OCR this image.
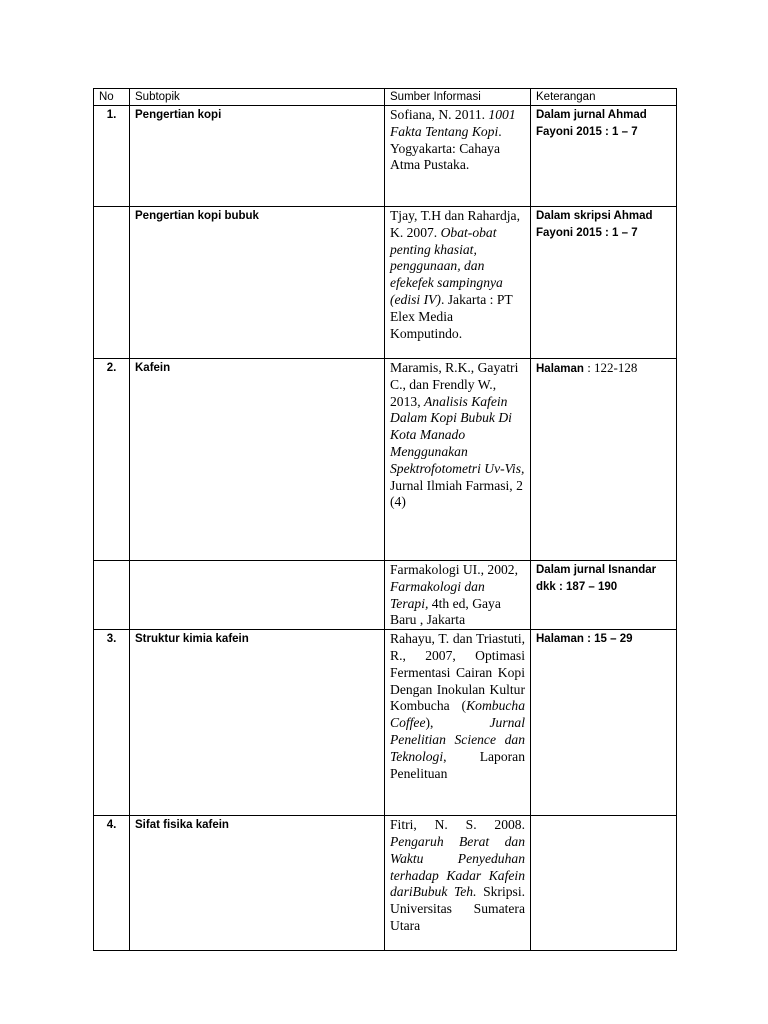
No	Subtopik	Sumber Informasi	Keterangan
1.	Pengertian kopi	Sofiana, N. 2011. 1001 Fakta Tentang Kopi. Yogyakarta: Cahaya Atma Pustaka.	Dalam jurnal Ahmad Fayoni 2015 : 1 – 7
	Pengertian kopi bubuk	Tjay, T.H dan Rahardja, K. 2007. Obat-obat penting khasiat, penggunaan, dan efekefek sampingnya (edisi IV). Jakarta : PT Elex Media Komputindo.	Dalam skripsi Ahmad Fayoni 2015 : 1 – 7
2.	Kafein	Maramis, R.K., Gayatri C., dan Frendly W., 2013, Analisis Kafein Dalam Kopi Bubuk Di Kota Manado Menggunakan Spektrofotometri Uv-Vis, Jurnal Ilmiah Farmasi, 2 (4)	Halaman : 122-128
		Farmakologi UI., 2002, Farmakologi dan Terapi, 4th ed, Gaya Baru , Jakarta	Dalam jurnal Isnandar dkk : 187 – 190
3.	Struktur kimia kafein	Rahayu, T. dan Triastuti, R., 2007, Optimasi Fermentasi Cairan Kopi Dengan Inokulan Kultur Kombucha (Kombucha Coffee), Jurnal Penelitian Science dan Teknologi, Laporan Penelituan	Halaman : 15 – 29
4.	Sifat fisika kafein	Fitri, N. S. 2008. Pengaruh Berat dan Waktu Penyeduhan terhadap Kadar Kafein dariBubuk Teh. Skripsi. Universitas Sumatera Utara	
